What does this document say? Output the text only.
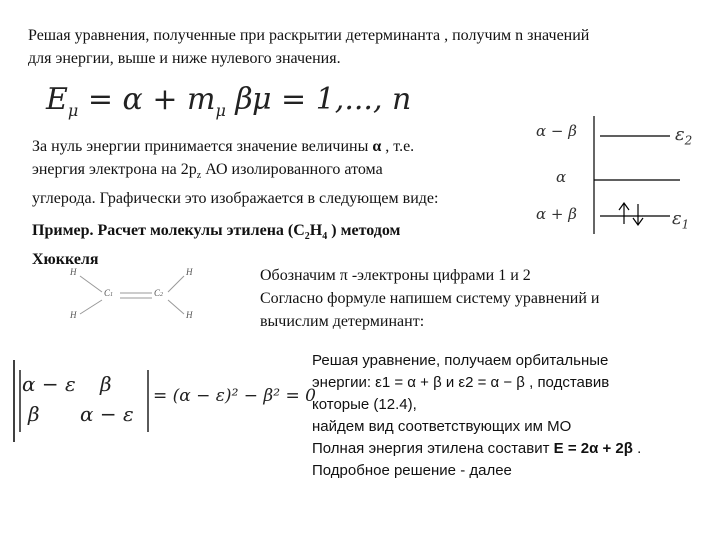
Решая уравнения, полученные при раскрытии детерминанта , получим n значений
для энергии, выше и ниже нулевого значения.
$E_\mu = \alpha + m_\mu$ β μ = 1,..., n
За нуль энергии принимается значение величины α , т.е.
энергия электрона на $2p_z$ АО изолированного атома
углерода. Графически это изображается в следующем виде:
α − β
α
α + β
$\varepsilon_2$
$\varepsilon_1$
Пример. Расчет молекулы этилена ($С_2Н_4$ ) методом
Хюккеля
H
H
C1	C2
H
H
Обозначим π -электроны цифрами 1 и 2
Согласно формуле напишем систему уравнений и
вычислим детерминант:
α − ε β
β α − ε
= (α − ε)² − β² = 0
Решая уравнение, получаем орбитальные
энергии: ε1 = α + β и ε2 = α − β , подставив
которые (12.4),
найдем вид соответствующих им МО
Полная энергия этилена составит E = 2α + 2β .
Подробное решение - далее
